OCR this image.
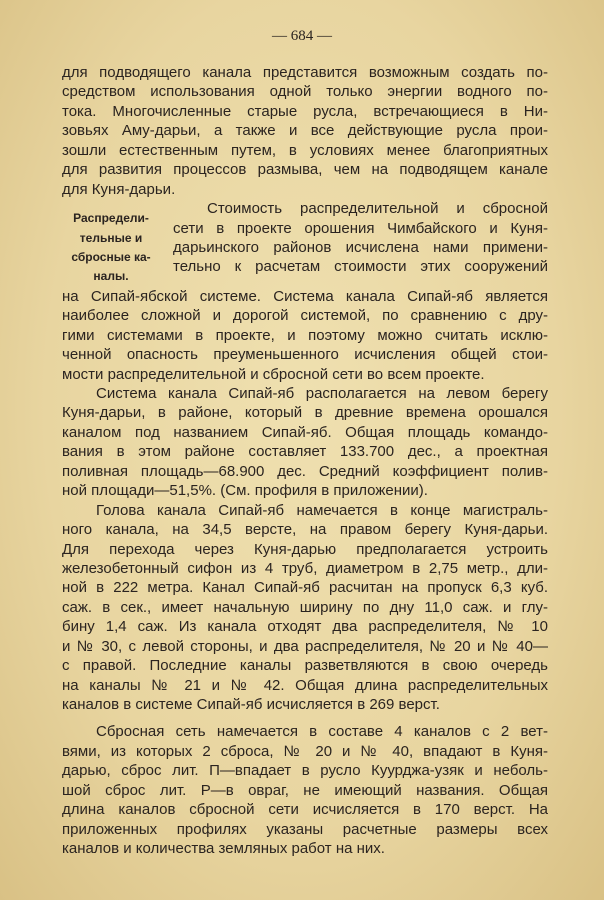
— 684 —
для подводящего канала представится возможным создать по-
средством использования одной только энергии водного по-
тока. Многочисленные старые русла, встречающиеся в Ни-
зовьях Аму-дарьи, а также и все действующие русла прои-
зошли естественным путем, в условиях менее благоприятных
для развития процессов размыва, чем на подводящем канале
для Куня-дарьи.
Распредели-
тельные и
сбросные ка-
налы.
Стоимость распределительной и сбросной
сети в проекте орошения Чимбайского и Куня-
дарьинского районов исчислена нами примени-
тельно к расчетам стоимости этих сооружений
на Сипай-ябской системе. Система канала Сипай-яб является
наиболее сложной и дорогой системой, по сравнению с дру-
гими системами в проекте, и поэтому можно считать исклю-
ченной опасность преуменьшенного исчисления общей стои-
мости распределительной и сбросной сети во всем проекте.
Система канала Сипай-яб располагается на левом берегу
Куня-дарьи, в районе, который в древние времена орошался
каналом под названием Сипай-яб. Общая площадь командо-
вания в этом районе составляет 133.700 дес., а проектная
поливная площадь—68.900 дес. Средний коэффициент полив-
ной площади—51,5%. (См. профиля в приложении).
Голова канала Сипай-яб намечается в конце магистраль-
ного канала, на 34,5 версте, на правом берегу Куня-дарьи.
Для перехода через Куня-дарью предполагается устроить
железобетонный сифон из 4 труб, диаметром в 2,75 метр., дли-
ной в 222 метра. Канал Сипай-яб расчитан на пропуск 6,3 куб.
саж. в сек., имеет начальную ширину по дну 11,0 саж. и глу-
бину 1,4 саж. Из канала отходят два распределителя, № 10
и № 30, с левой стороны, и два распределителя, № 20 и № 40—
с правой. Последние каналы разветвляются в свою очередь
на каналы № 21 и № 42. Общая длина распределительных
каналов в системе Сипай-яб исчисляется в 269 верст.
Сбросная сеть намечается в составе 4 каналов с 2 вет-
вями, из которых 2 сброса, № 20 и № 40, впадают в Куня-
дарью, сброс лит. П—впадает в русло Куурджа-узяк и неболь-
шой сброс лит. Р—в овраг, не имеющий названия. Общая
длина каналов сбросной сети исчисляется в 170 верст. На
приложенных профилях указаны расчетные размеры всех
каналов и количества земляных работ на них.
